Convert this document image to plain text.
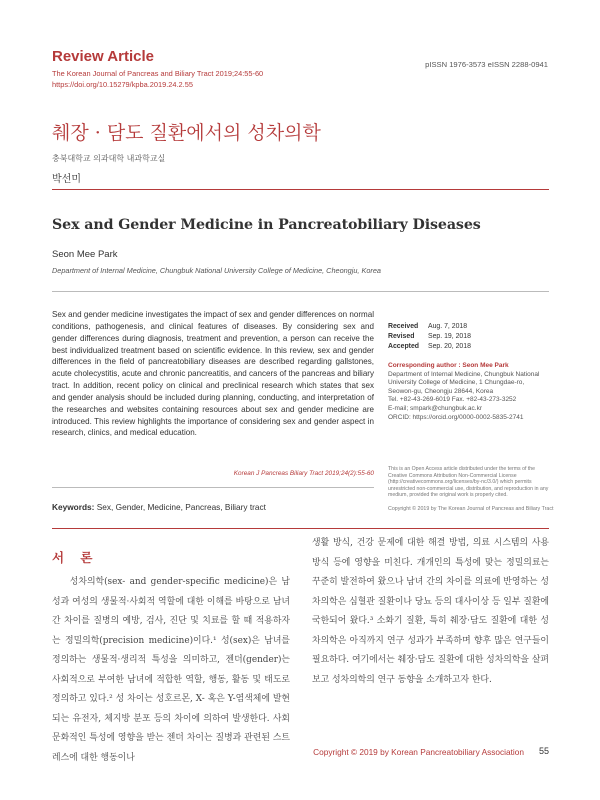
Review Article
The Korean Journal of Pancreas and Biliary Tract 2019;24:55-60
https://doi.org/10.15279/kpba.2019.24.2.55
pISSN 1976-3573 eISSN 2288-0941
췌장 · 담도 질환에서의 성차의학
충북대학교 의과대학 내과학교실
박선미
Sex and Gender Medicine in Pancreatobiliary Diseases
Seon Mee Park
Department of Internal Medicine, Chungbuk National University College of Medicine, Cheongju, Korea
Sex and gender medicine investigates the impact of sex and gender differences on normal conditions, pathogenesis, and clinical features of diseases. By considering sex and gender differences during diagnosis, treatment and prevention, a person can receive the best individualized treatment based on scientific evidence. In this review, sex and gender differences in the field of pancreatobiliary diseases are described regarding gallstones, acute cholecystitis, acute and chronic pancreatitis, and cancers of the pancreas and biliary tract. In addition, recent policy on clinical and preclinical research which states that sex and gender analysis should be included during planning, conducting, and interpretation of the researches and websites containing resources about sex and gender medicine are introduced. This review highlights the importance of considering sex and gender aspect in research, clinics, and medical education.
Korean J Pancreas Biliary Tract 2019;24(2):55-60
Keywords: Sex, Gender, Medicine, Pancreas, Biliary tract
Received Aug. 7, 2018
Revised Sep. 19, 2018
Accepted Sep. 20, 2018
Corresponding author : Seon Mee Park
Department of Internal Medicine, Chungbuk National
University College of Medicine, 1 Chungdae-ro,
Seowon-gu, Cheongju 28644, Korea
Tel. +82-43-269-6019 Fax. +82-43-273-3252
E-mail; smpark@chungbuk.ac.kr
ORCID: https://orcid.org/0000-0002-5835-2741
This is an Open Access article distributed under the terms of the Creative Commons Attribution Non-Commercial License (http://creativecommons.org/licenses/by-nc/3.0/) which permits unrestricted non-commercial use, distribution, and reproduction in any medium, provided the original work is properly cited.
Copyright © 2019 by The Korean Journal of Pancreas and Biliary Tract
서 론
성차의학(sex- and gender-specific medicine)은 남성과 여성의 생물적·사회적 역할에 대한 이해를 바탕으로 남녀 간 차이를 질병의 예방, 검사, 진단 및 치료를 할 때 적용하자는 정밀의학(precision medicine)이다.¹ 성(sex)은 남녀를 정의하는 생물적·생리적 특성을 의미하고, 젠더(gender)는 사회적으로 부여한 남녀에 적합한 역할, 행동, 활동 및 태도로 정의하고 있다.² 성 차이는 성호르몬, X- 혹은 Y-염색체에 발현되는 유전자, 체지방 분포 등의 차이에 의하여 발생한다. 사회문화적인 특성에 영향을 받는 젠더 차이는 질병과 관련된 스트레스에 대한 행동이나
생활 방식, 건강 문제에 대한 해결 방법, 의료 시스템의 사용 방식 등에 영향을 미친다. 개개인의 특성에 맞는 정밀의료는 꾸준히 발전하여 왔으나 남녀 간의 차이를 의료에 반영하는 성차의학은 심혈관 질환이나 당뇨 등의 대사이상 등 일부 질환에 국한되어 왔다.³ 소화기 질환, 특히 췌장·담도 질환에 대한 성차의학은 아직까지 연구 성과가 부족하며 향후 많은 연구들이 필요하다. 여기에서는 췌장·담도 질환에 대한 성차의학을 살펴보고 성차의학의 연구 동향을 소개하고자 한다.
Copyright © 2019 by Korean Pancreatobiliary Association 55
